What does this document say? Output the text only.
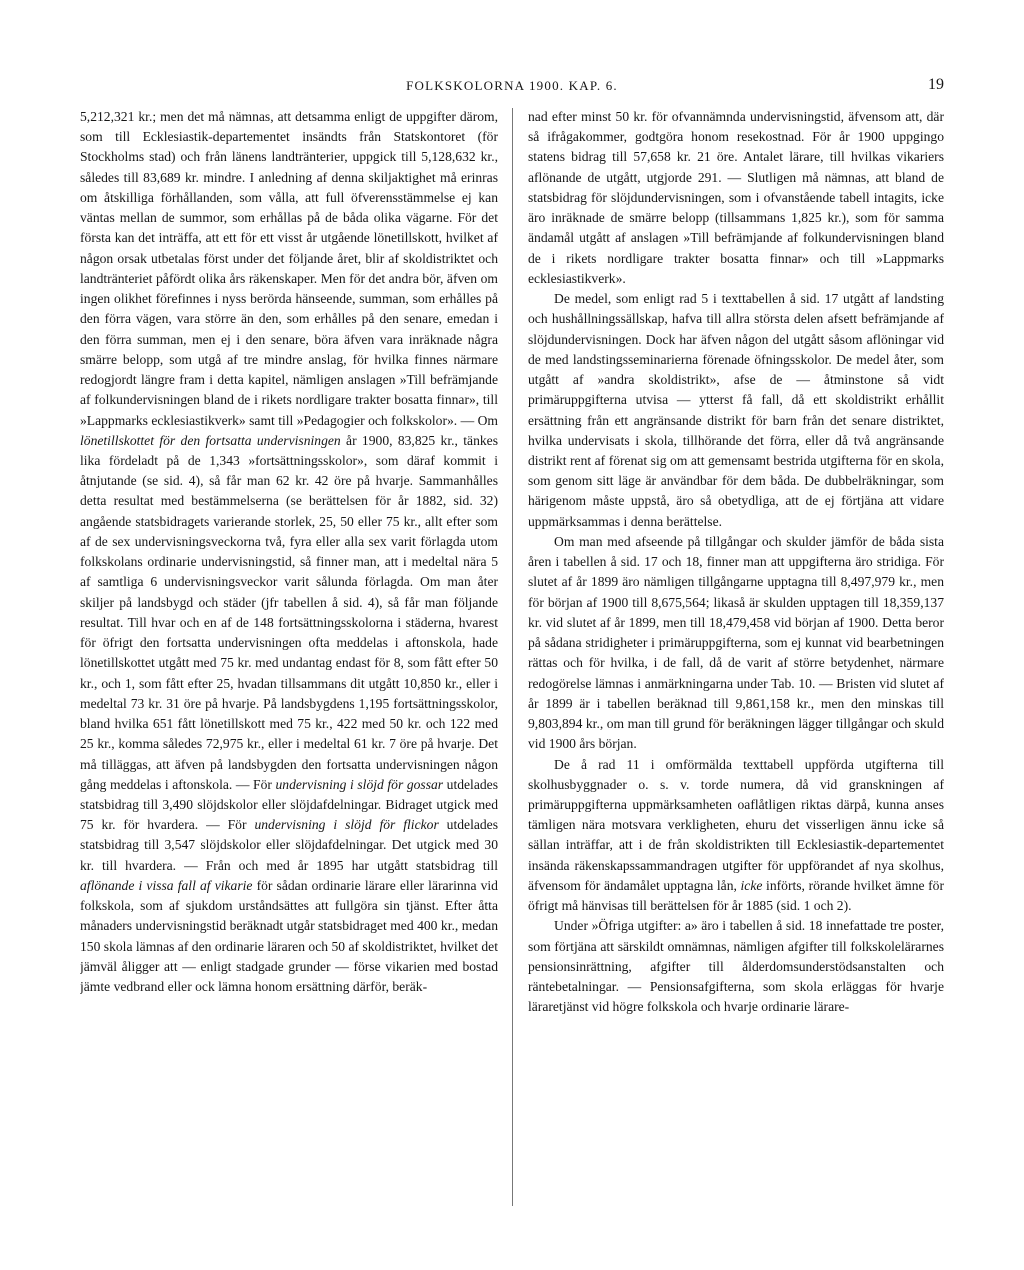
FOLKSKOLORNA 1900. KAP. 6.	19

5,212,321 kr.; men det må nämnas, att detsamma enligt de uppgifter därom, som till Ecklesiastik-departementet insändts från Statskontoret (för Stockholms stad) och från länens landtränterier, uppgick till 5,128,632 kr., således till 83,689 kr. mindre. I anledning af denna skiljaktighet må erinras om åtskilliga förhållanden, som vålla, att full öfverensstämmelse ej kan väntas mellan de summor, som erhållas på de båda olika vägarne. För det första kan det inträffa, att ett för ett visst år utgående lönetillskott, hvilket af någon orsak utbetalas först under det följande året, blir af skoldistriktet och landtränteriet påfördt olika års räkenskaper. Men för det andra bör, äfven om ingen olikhet förefinnes i nyss berörda hänseende, summan, som erhålles på den förra vägen, vara större än den, som erhålles på den senare, emedan i den förra summan, men ej i den senare, böra äfven vara inräknade några smärre belopp, som utgå af tre mindre anslag, för hvilka finnes närmare redogjordt längre fram i detta kapitel, nämligen anslagen »Till befrämjande af folkundervisningen bland de i rikets nordligare trakter bosatta finnar», till »Lappmarks ecklesiastikverk» samt till »Pedagogier och folkskolor». — Om lönetillskottet för den fortsatta undervisningen år 1900, 83,825 kr., tänkes lika fördeladt på de 1,343 »fortsättningsskolor», som däraf kommit i åtnjutande (se sid. 4), så får man 62 kr. 42 öre på hvarje. Sammanhålles detta resultat med bestämmelserna (se berättelsen för år 1882, sid. 32) angående statsbidragets varierande storlek, 25, 50 eller 75 kr., allt efter som af de sex undervisningsveckorna två, fyra eller alla sex varit förlagda utom folkskolans ordinarie undervisningstid, så finner man, att i medeltal nära 5 af samtliga 6 undervisningsveckor varit sålunda förlagda. Om man åter skiljer på landsbygd och städer (jfr tabellen å sid. 4), så får man följande resultat. Till hvar och en af de 148 fortsättningsskolorna i städerna, hvarest för öfrigt den fortsatta undervisningen ofta meddelas i aftonskola, hade lönetillskottet utgått med 75 kr. med undantag endast för 8, som fått efter 50 kr., och 1, som fått efter 25, hvadan tillsammans dit utgått 10,850 kr., eller i medeltal 73 kr. 31 öre på hvarje. På landsbygdens 1,195 fortsättningsskolor, bland hvilka 651 fått lönetillskott med 75 kr., 422 med 50 kr. och 122 med 25 kr., komma således 72,975 kr., eller i medeltal 61 kr. 7 öre på hvarje. Det må tilläggas, att äfven på landsbygden den fortsatta undervisningen någon gång meddelas i aftonskola. — För undervisning i slöjd för gossar utdelades statsbidrag till 3,490 slöjdskolor eller slöjdafdelningar. Bidraget utgick med 75 kr. för hvardera. — För undervisning i slöjd för flickor utdelades statsbidrag till 3,547 slöjdskolor eller slöjdafdelningar. Det utgick med 30 kr. till hvardera. — Från och med år 1895 har utgått statsbidrag till aflönande i vissa fall af vikarie för sådan ordinarie lärare eller lärarinna vid folkskola, som af sjukdom urståndsättes att fullgöra sin tjänst. Efter åtta månaders undervisningstid beräknadt utgår statsbidraget med 400 kr., medan 150 skola lämnas af den ordinarie läraren och 50 af skoldistriktet, hvilket det jämväl åligger att — enligt stadgade grunder — förse vikarien med bostad jämte vedbrand eller ock lämna honom ersättning därför, beräk-

nad efter minst 50 kr. för ofvannämnda undervisningstid, äfvensom att, där så ifrågakommer, godtgöra honom resekostnad. För år 1900 uppgingo statens bidrag till 57,658 kr. 21 öre. Antalet lärare, till hvilkas vikariers aflönande de utgått, utgjorde 291. — Slutligen må nämnas, att bland de statsbidrag för slöjdundervisningen, som i ofvanstående tabell intagits, icke äro inräknade de smärre belopp (tillsammans 1,825 kr.), som för samma ändamål utgått af anslagen »Till befrämjande af folkundervisningen bland de i rikets nordligare trakter bosatta finnar» och till »Lappmarks ecklesiastikverk».

De medel, som enligt rad 5 i texttabellen å sid. 17 utgått af landsting och hushållningssällskap, hafva till allra största delen afsett befrämjande af slöjdundervisningen. Dock har äfven någon del utgått såsom aflöningar vid de med landstingsseminarierna förenade öfningsskolor. De medel åter, som utgått af »andra skoldistrikt», afse de — åtminstone så vidt primäruppgifterna utvisa — ytterst få fall, då ett skoldistrikt erhållit ersättning från ett angränsande distrikt för barn från det senare distriktet, hvilka undervisats i skola, tillhörande det förra, eller då två angränsande distrikt rent af förenat sig om att gemensamt bestrida utgifterna för en skola, som genom sitt läge är användbar för dem båda. De dubbelräkningar, som härigenom måste uppstå, äro så obetydliga, att de ej förtjäna att vidare uppmärksammas i denna berättelse.

Om man med afseende på tillgångar och skulder jämför de båda sista åren i tabellen å sid. 17 och 18, finner man att uppgifterna äro stridiga. För slutet af år 1899 äro nämligen tillgångarne upptagna till 8,497,979 kr., men för början af 1900 till 8,675,564; likaså är skulden upptagen till 18,359,137 kr. vid slutet af år 1899, men till 18,479,458 vid början af 1900. Detta beror på sådana stridigheter i primäruppgifterna, som ej kunnat vid bearbetningen rättas och för hvilka, i de fall, då de varit af större betydenhet, närmare redogörelse lämnas i anmärkningarna under Tab. 10. — Bristen vid slutet af år 1899 är i tabellen beräknad till 9,861,158 kr., men den minskas till 9,803,894 kr., om man till grund för beräkningen lägger tillgångar och skuld vid 1900 års början.

De å rad 11 i omförmälda texttabell uppförda utgifterna till skolhusbyggnader o. s. v. torde numera, då vid granskningen af primäruppgifterna uppmärksamheten oaflåtligen riktas därpå, kunna anses tämligen nära motsvara verkligheten, ehuru det visserligen ännu icke så sällan inträffar, att i de från skoldistrikten till Ecklesiastik-departementet insända räkenskapssammandragen utgifter för uppförandet af nya skolhus, äfvensom för ändamålet upptagna lån, icke införts, rörande hvilket ämne för öfrigt må hänvisas till berättelsen för år 1885 (sid. 1 och 2).

Under »Öfriga utgifter: a» äro i tabellen å sid. 18 innefattade tre poster, som förtjäna att särskildt omnämnas, nämligen afgifter till folkskolelärarnes pensionsinrättning, afgifter till ålderdomsunderstödsanstalten och räntebetalningar. — Pensionsafgifterna, som skola erläggas för hvarje läraretjänst vid högre folkskola och hvarje ordinarie lärare-
